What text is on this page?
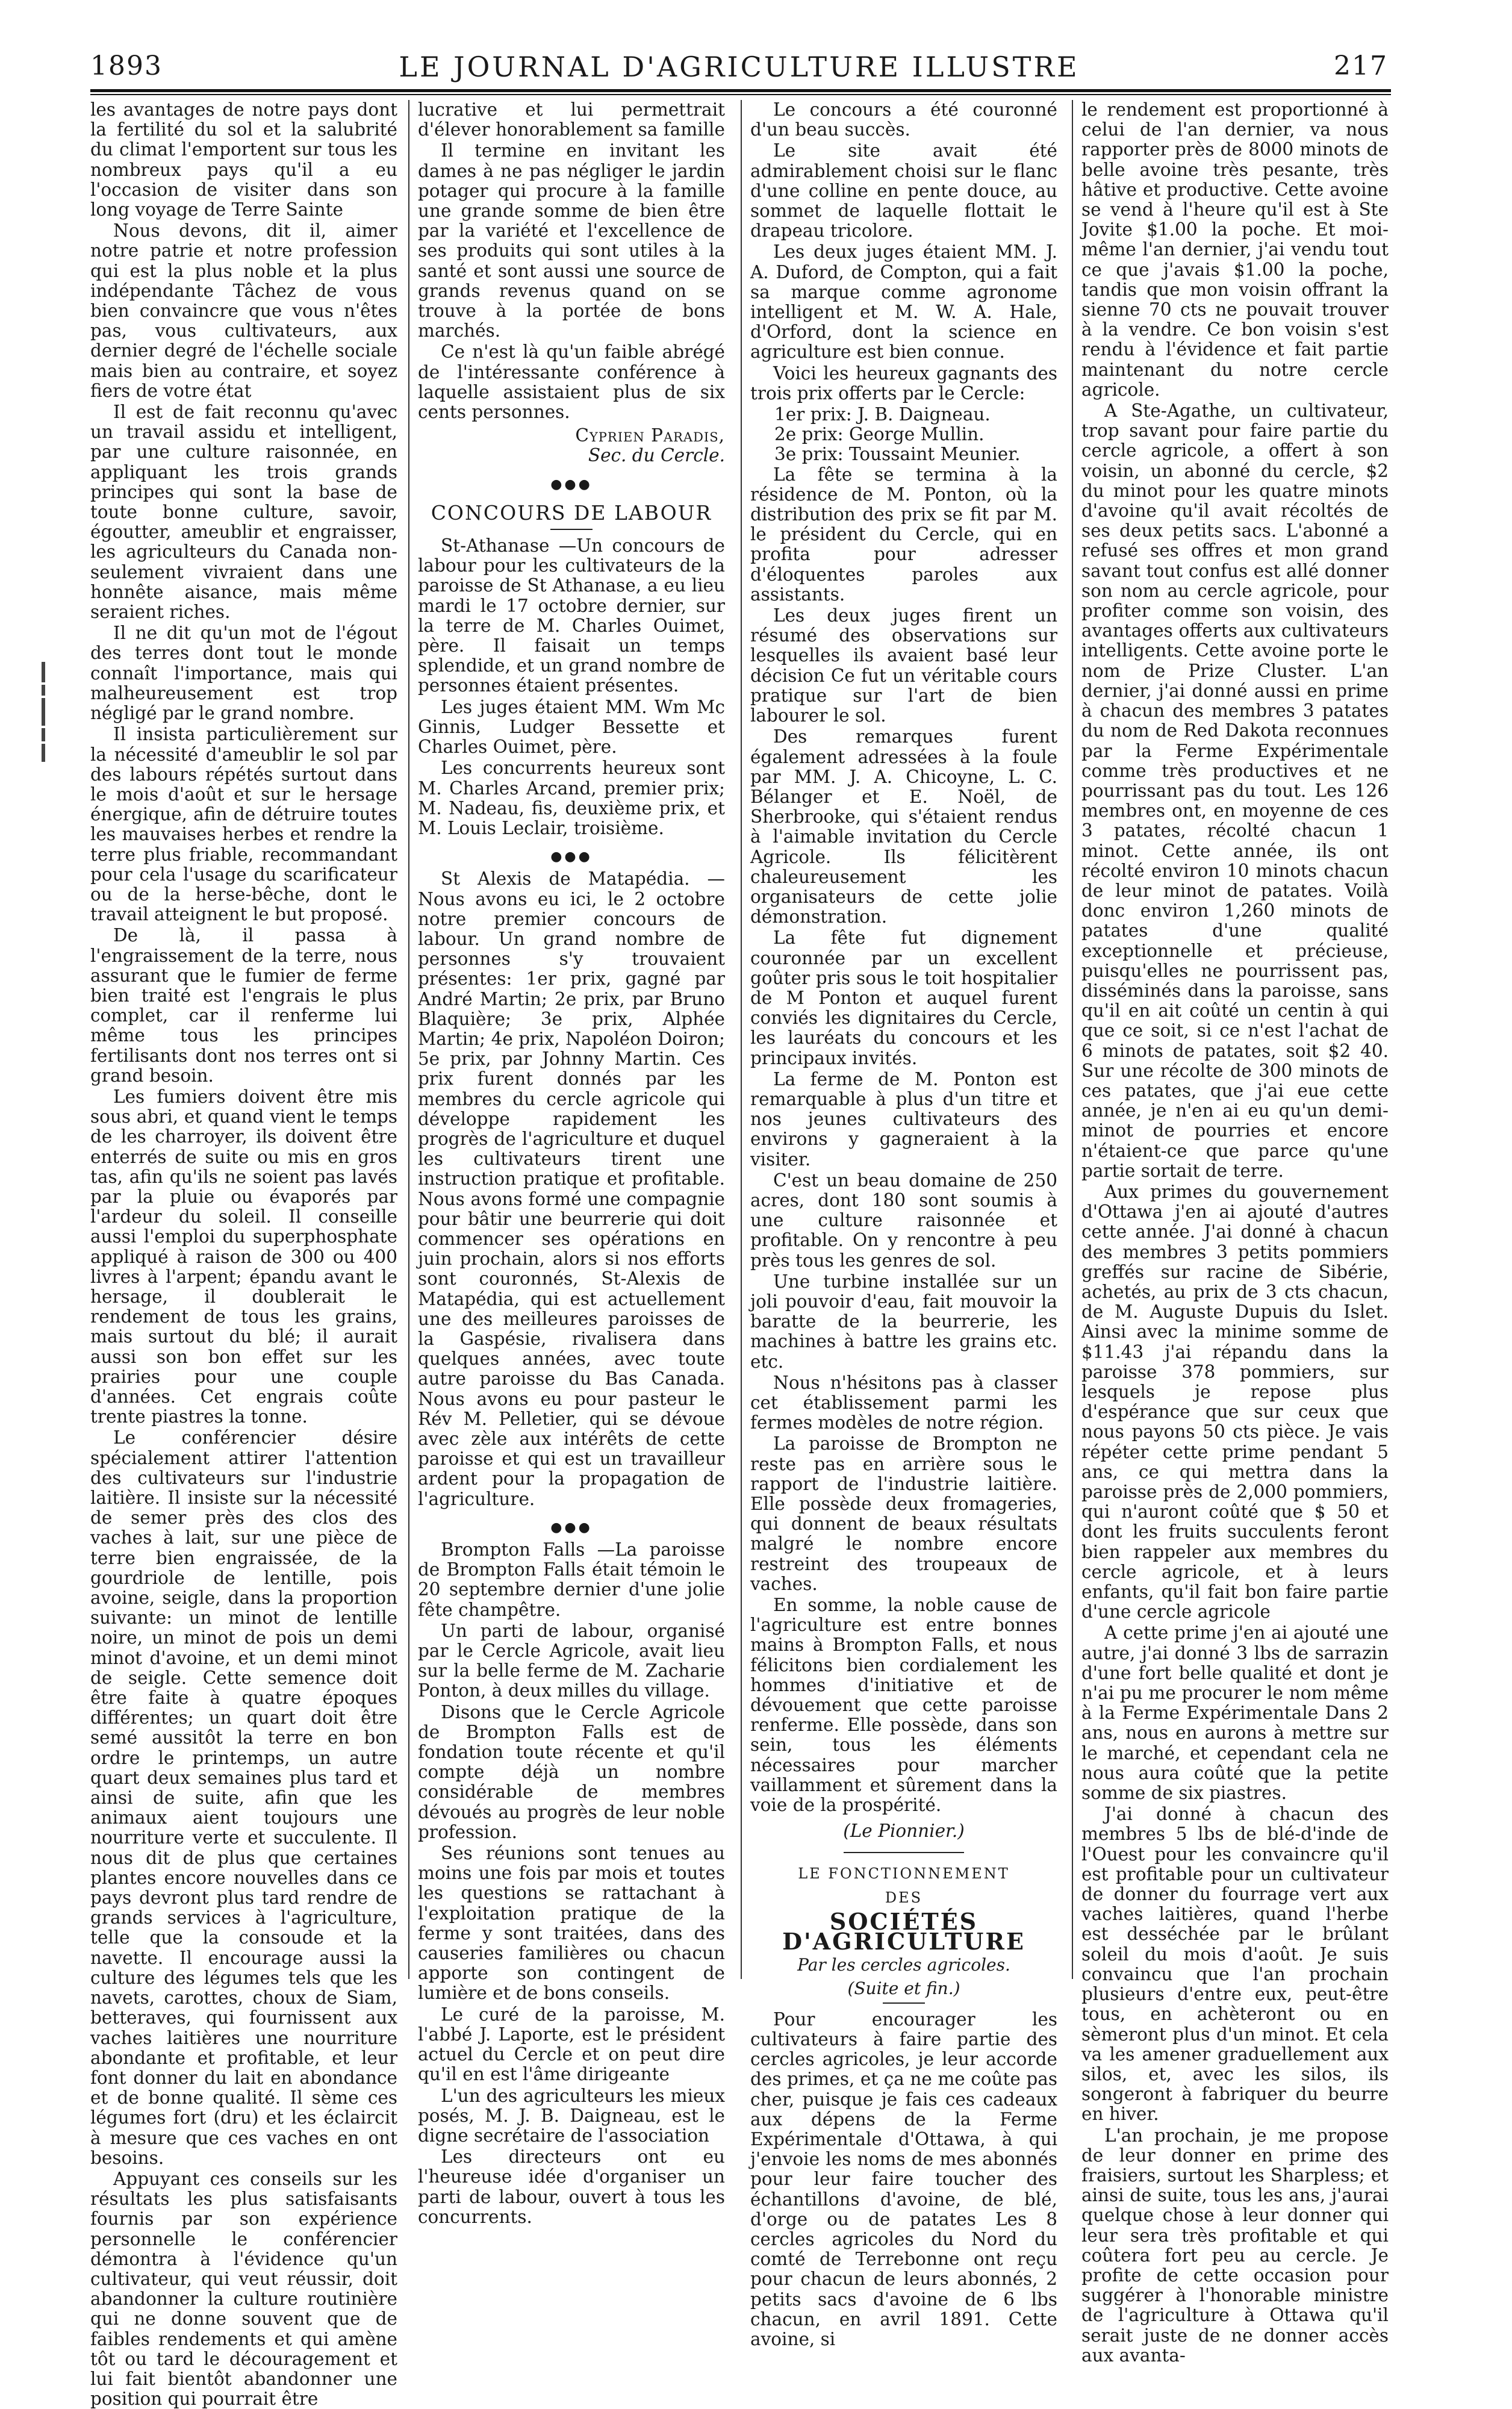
1893	LE JOURNAL D'AGRICULTURE ILLUSTRE	217

les avantages de notre pays dont la fertilité du sol et la salubrité du climat l'emportent sur tous les nombreux pays qu'il a eu l'occasion de visiter dans son long voyage de Terre Sainte

Nous devons, dit il, aimer notre patrie et notre profession qui est la plus noble et la plus indépendante Tâchez de vous bien convaincre que vous n'êtes pas, vous cultivateurs, aux dernier degré de l'échelle sociale mais bien au contraire, et soyez fiers de votre état

Il est de fait reconnu qu'avec un travail assidu et intelligent, par une culture raisonnée, en appliquant les trois grands principes qui sont la base de toute bonne culture, savoir, égoutter, ameublir et engraisser, les agriculteurs du Canada non-seulement vivraient dans une honnête aisance, mais même seraient riches.

Il ne dit qu'un mot de l'égout des terres dont tout le monde connaît l'importance, mais qui malheureusement est trop négligé par le grand nombre.

Il insista particulièrement sur la nécessité d'ameublir le sol par des labours répétés surtout dans le mois d'août et sur le hersage énergique, afin de détruire toutes les mauvaises herbes et rendre la terre plus friable, recommandant pour cela l'usage du scarificateur ou de la herse-bêche, dont le travail atteignent le but proposé.

De là, il passa à l'engraissement de la terre, nous assurant que le fumier de ferme bien traité est l'engrais le plus complet, car il renferme lui même tous les principes fertilisants dont nos terres ont si grand besoin.

Les fumiers doivent être mis sous abri, et quand vient le temps de les charroyer, ils doivent être enterrés de suite ou mis en gros tas, afin qu'ils ne soient pas lavés par la pluie ou évaporés par l'ardeur du soleil. Il conseille aussi l'emploi du superphosphate appliqué à raison de 300 ou 400 livres à l'arpent; épandu avant le hersage, il doublerait le rendement de tous les grains, mais surtout du blé; il aurait aussi son bon effet sur les prairies pour une couple d'années. Cet engrais coûte trente piastres la tonne.

Le conférencier désire spécialement attirer l'attention des cultivateurs sur l'industrie laitière. Il insiste sur la nécessité de semer près des clos des vaches à lait, sur une pièce de terre bien engraissée, de la gourdriole de lentille, pois avoine, seigle, dans la proportion suivante: un minot de lentille noire, un minot de pois un demi minot d'avoine, et un demi minot de seigle. Cette semence doit être faite à quatre époques différentes; un quart doit être semé aussitôt la terre en bon ordre le printemps, un autre quart deux semaines plus tard et ainsi de suite, afin que les animaux aient toujours une nourriture verte et succulente. Il nous dit de plus que certaines plantes encore nouvelles dans ce pays devront plus tard rendre de grands services à l'agriculture, telle que la consoude et la navette. Il encourage aussi la culture des légumes tels que les navets, carottes, choux de Siam, betteraves, qui fournissent aux vaches laitières une nourriture abondante et profitable, et leur font donner du lait en abondance et de bonne qualité. Il sème ces légumes fort (dru) et les éclaircit à mesure que ces vaches en ont besoins.

Appuyant ces conseils sur les résultats les plus satisfaisants fournis par son expérience personnelle le conférencier démontra à l'évidence qu'un cultivateur, qui veut réussir, doit abandonner la culture routinière qui ne donne souvent que de faibles rendements et qui amène tôt ou tard le découragement et lui fait bientôt abandonner une position qui pourrait être

lucrative et lui permettrait d'élever honorablement sa famille

Il termine en invitant les dames à ne pas négliger le jardin potager qui procure à la famille une grande somme de bien être par la variété et l'excellence de ses produits qui sont utiles à la santé et sont aussi une source de grands revenus quand on se trouve à la portée de bons marchés.

Ce n'est là qu'un faible abrégé de l'intéressante conférence à laquelle assistaient plus de six cents personnes.

Cyprien Paradis,
Sec. du Cercle.
●●●
CONCOURS DE LABOUR

St-Athanase —Un concours de labour pour les cultivateurs de la paroisse de St Athanase, a eu lieu mardi le 17 octobre dernier, sur la terre de M. Charles Ouimet, père. Il faisait un temps splendide, et un grand nombre de personnes étaient présentes.

Les juges étaient MM. Wm Mc Ginnis, Ludger Bessette et Charles Ouimet, père.

Les concurrents heureux sont M. Charles Arcand, premier prix; M. Nadeau, fis, deuxième prix, et M. Louis Leclair, troisième.

●●●

St Alexis de Matapédia. — Nous avons eu ici, le 2 octobre notre premier concours de labour. Un grand nombre de personnes s'y trouvaient présentes: 1er prix, gagné par André Martin; 2e prix, par Bruno Blaquière; 3e prix, Alphée Martin; 4e prix, Napoléon Doiron; 5e prix, par Johnny Martin. Ces prix furent donnés par les membres du cercle agricole qui développe rapidement les progrès de l'agriculture et duquel les cultivateurs tirent une instruction pratique et profitable. Nous avons formé une compagnie pour bâtir une beurrerie qui doit commencer ses opérations en juin prochain, alors si nos efforts sont couronnés, St-Alexis de Matapédia, qui est actuellement une des meilleures paroisses de la Gaspésie, rivalisera dans quelques années, avec toute autre paroisse du Bas Canada. Nous avons eu pour pasteur le Rév M. Pelletier, qui se dévoue avec zèle aux intérêts de cette paroisse et qui est un travailleur ardent pour la propagation de l'agriculture.

●●●

Brompton Falls —La paroisse de Brompton Falls était témoin le 20 septembre dernier d'une jolie fête champêtre.

Un parti de labour, organisé par le Cercle Agricole, avait lieu sur la belle ferme de M. Zacharie Ponton, à deux milles du village.

Disons que le Cercle Agricole de Brompton Falls est de fondation toute récente et qu'il compte déjà un nombre considérable de membres dévoués au progrès de leur noble profession.

Ses réunions sont tenues au moins une fois par mois et toutes les questions se rattachant à l'exploitation pratique de la ferme y sont traitées, dans des causeries familières ou chacun apporte son contingent de lumière et de bons conseils.

Le curé de la paroisse, M. l'abbé J. Laporte, est le président actuel du Cercle et on peut dire qu'il en est l'âme dirigeante

L'un des agriculteurs les mieux posés, M. J. B. Daigneau, est le digne secrétaire de l'association

Les directeurs ont eu l'heureuse idée d'organiser un parti de labour, ouvert à tous les concurrents.

Le concours a été couronné d'un beau succès.

Le site avait été admirablement choisi sur le flanc d'une colline en pente douce, au sommet de laquelle flottait le drapeau tricolore.

Les deux juges étaient MM. J. A. Duford, de Compton, qui a fait sa marque comme agronome intelligent et M. W. A. Hale, d'Orford, dont la science en agriculture est bien connue.

Voici les heureux gagnants des trois prix offerts par le Cercle:

1er prix: J. B. Daigneau.
2e prix: George Mullin.
3e prix: Toussaint Meunier.

La fête se termina à la résidence de M. Ponton, où la distribution des prix se fit par M. le président du Cercle, qui en profita pour adresser d'éloquentes paroles aux assistants.

Les deux juges firent un résumé des observations sur lesquelles ils avaient basé leur décision Ce fut un véritable cours pratique sur l'art de bien labourer le sol.

Des remarques furent également adressées à la foule par MM. J. A. Chicoyne, L. C. Bélanger et E. Noël, de Sherbrooke, qui s'étaient rendus à l'aimable invitation du Cercle Agricole. Ils félicitèrent chaleureusement les organisateurs de cette jolie démonstration.

La fête fut dignement couronnée par un excellent goûter pris sous le toit hospitalier de M Ponton et auquel furent conviés les dignitaires du Cercle, les lauréats du concours et les principaux invités.

La ferme de M. Ponton est remarquable à plus d'un titre et nos jeunes cultivateurs des environs y gagneraient à la visiter.

C'est un beau domaine de 250 acres, dont 180 sont soumis à une culture raisonnée et profitable. On y rencontre à peu près tous les genres de sol.

Une turbine installée sur un joli pouvoir d'eau, fait mouvoir la baratte de la beurrerie, les machines à battre les grains etc. etc.

Nous n'hésitons pas à classer cet établissement parmi les fermes modèles de notre région.

La paroisse de Brompton ne reste pas en arrière sous le rapport de l'industrie laitière. Elle possède deux fromageries, qui donnent de beaux résultats malgré le nombre encore restreint des troupeaux de vaches.

En somme, la noble cause de l'agriculture est entre bonnes mains à Brompton Falls, et nous félicitons bien cordialement les hommes d'initiative et de dévouement que cette paroisse renferme. Elle possède, dans son sein, tous les éléments nécessaires pour marcher vaillamment et sûrement dans la voie de la prospérité.

(Le Pionnier.)
LE FONCTIONNEMENT
DES
SOCIÉTÉS D'AGRICULTURE
Par les cercles agricoles.
(Suite et fin.)

Pour encourager les cultivateurs à faire partie des cercles agricoles, je leur accorde des primes, et ça ne me coûte pas cher, puisque je fais ces cadeaux aux dépens de la Ferme Expérimentale d'Ottawa, à qui j'envoie les noms de mes abonnés pour leur faire toucher des échantillons d'avoine, de blé, d'orge ou de patates Les 8 cercles agricoles du Nord du comté de Terrebonne ont reçu pour chacun de leurs abonnés, 2 petits sacs d'avoine de 6 lbs chacun, en avril 1891. Cette avoine, si

le rendement est proportionné à celui de l'an dernier, va nous rapporter près de 8000 minots de belle avoine très pesante, très hâtive et productive. Cette avoine se vend à l'heure qu'il est à Ste Jovite $1.00 la poche. Et moi-même l'an dernier, j'ai vendu tout ce que j'avais $1.00 la poche, tandis que mon voisin offrant la sienne 70 cts ne pouvait trouver à la vendre. Ce bon voisin s'est rendu à l'évidence et fait partie maintenant du notre cercle agricole.

A Ste-Agathe, un cultivateur, trop savant pour faire partie du cercle agricole, a offert à son voisin, un abonné du cercle, $2 du minot pour les quatre minots d'avoine qu'il avait récoltés de ses deux petits sacs. L'abonné a refusé ses offres et mon grand savant tout confus est allé donner son nom au cercle agricole, pour profiter comme son voisin, des avantages offerts aux cultivateurs intelligents. Cette avoine porte le nom de Prize Cluster. L'an dernier, j'ai donné aussi en prime à chacun des membres 3 patates du nom de Red Dakota reconnues par la Ferme Expérimentale comme très productives et ne pourrissant pas du tout. Les 126 membres ont, en moyenne de ces 3 patates, récolté chacun 1 minot. Cette année, ils ont récolté environ 10 minots chacun de leur minot de patates. Voilà donc environ 1,260 minots de patates d'une qualité exceptionnelle et précieuse, puisqu'elles ne pourrissent pas, disséminés dans la paroisse, sans qu'il en ait coûté un centin à qui que ce soit, si ce n'est l'achat de 6 minots de patates, soit $2 40. Sur une récolte de 300 minots de ces patates, que j'ai eue cette année, je n'en ai eu qu'un demi-minot de pourries et encore n'étaient-ce que parce qu'une partie sortait de terre.

Aux primes du gouvernement d'Ottawa j'en ai ajouté d'autres cette année. J'ai donné à chacun des membres 3 petits pommiers greffés sur racine de Sibérie, achetés, au prix de 3 cts chacun, de M. Auguste Dupuis du Islet. Ainsi avec la minime somme de $11.43 j'ai répandu dans la paroisse 378 pommiers, sur lesquels je repose plus d'espérance que sur ceux que nous payons 50 cts pièce. Je vais répéter cette prime pendant 5 ans, ce qui mettra dans la paroisse près de 2,000 pommiers, qui n'auront coûté que $ 50 et dont les fruits succulents feront bien rappeler aux membres du cercle agricole, et à leurs enfants, qu'il fait bon faire partie d'une cercle agricole

A cette prime j'en ai ajouté une autre, j'ai donné 3 lbs de sarrazin d'une fort belle qualité et dont je n'ai pu me procurer le nom même à la Ferme Expérimentale Dans 2 ans, nous en aurons à mettre sur le marché, et cependant cela ne nous aura coûté que la petite somme de six piastres.

J'ai donné à chacun des membres 5 lbs de blé-d'inde de l'Ouest pour les convaincre qu'il est profitable pour un cultivateur de donner du fourrage vert aux vaches laitières, quand l'herbe est desséchée par le brûlant soleil du mois d'août. Je suis convaincu que l'an prochain plusieurs d'entre eux, peut-être tous, en achèteront ou en sèmeront plus d'un minot. Et cela va les amener graduellement aux silos, et, avec les silos, ils songeront à fabriquer du beurre en hiver.

L'an prochain, je me propose de leur donner en prime des fraisiers, surtout les Sharpless; et ainsi de suite, tous les ans, j'aurai quelque chose à leur donner qui leur sera très profitable et qui coûtera fort peu au cercle. Je profite de cette occasion pour suggérer à l'honorable ministre de l'agriculture à Ottawa qu'il serait juste de ne donner accès aux avanta-
